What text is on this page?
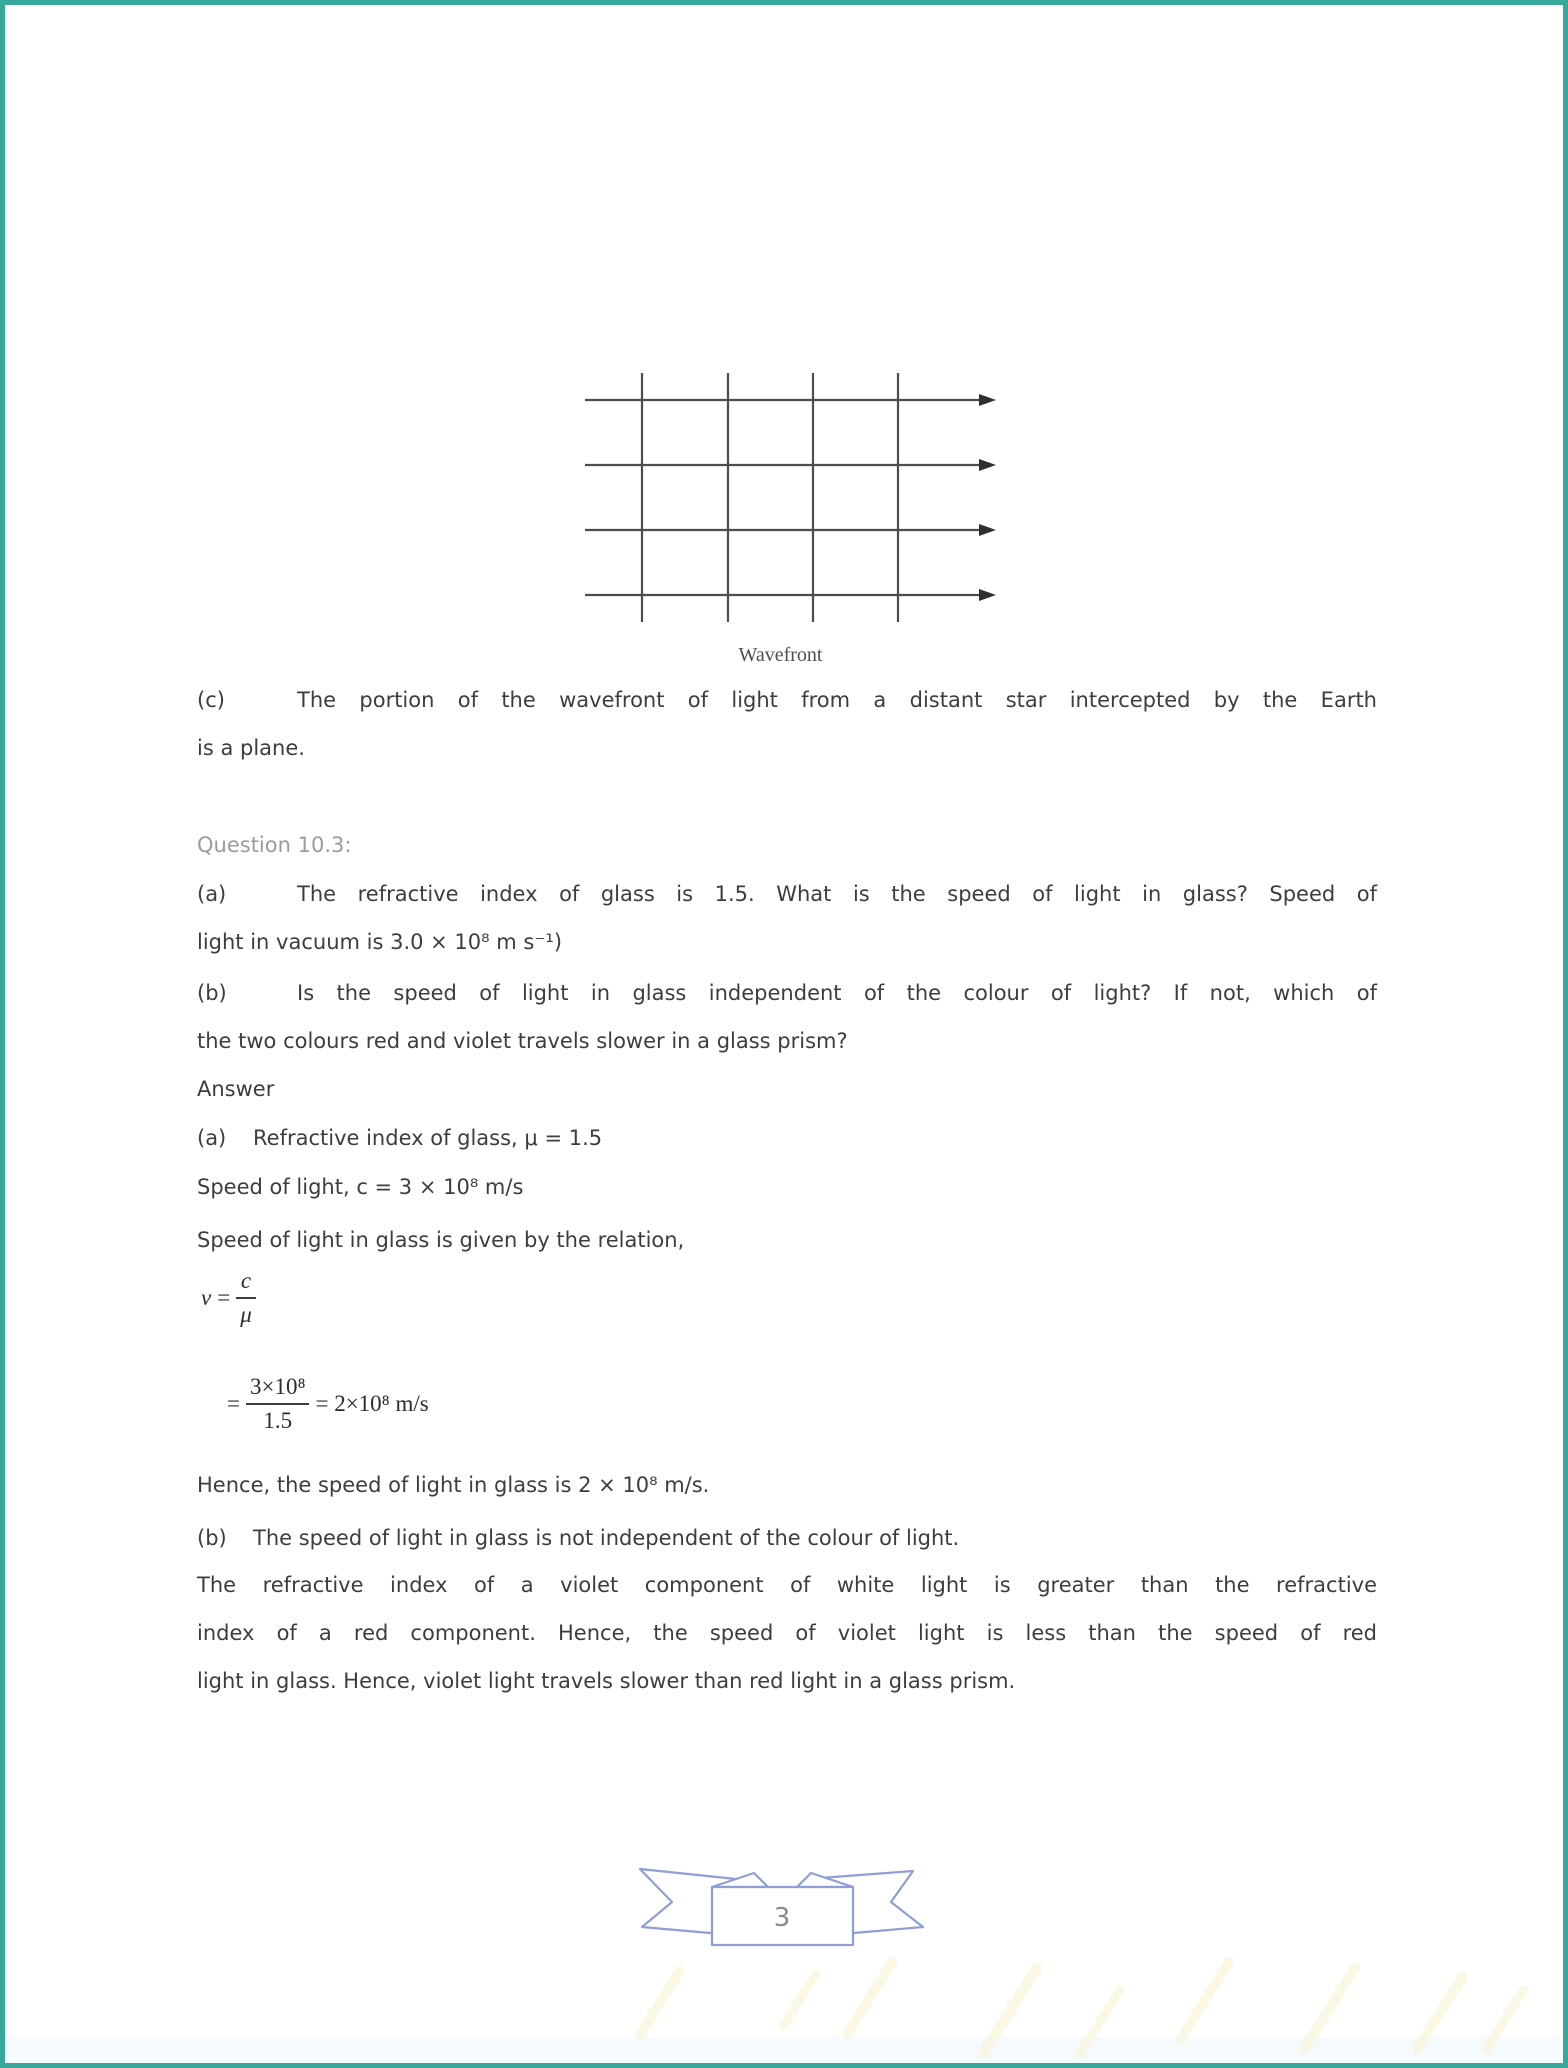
Wavefront
(c)	The portion of the wavefront of light from a distant star intercepted by the Earth
is a plane.
Question 10.3:
(a)	The refractive index of glass is 1.5. What is the speed of light in glass? Speed of
light in vacuum is 3.0 × 10⁸ m s⁻¹)
(b)	Is the speed of light in glass independent of the colour of light? If not, which of
the two colours red and violet travels slower in a glass prism?
Answer
(a) Refractive index of glass, μ = 1.5
Speed of light, c = 3 × 10⁸ m/s
Speed of light in glass is given by the relation,
$v = \frac{c}{\mu}$
= $\frac{\text{3×10⁸}}{1.5} = 2\times 10^8$ m/s
Hence, the speed of light in glass is 2 × 10⁸ m/s.
(b) The speed of light in glass is not independent of the colour of light.
The refractive index of a violet component of white light is greater than the refractive
index of a red component. Hence, the speed of violet light is less than the speed of red
light in glass. Hence, violet light travels slower than red light in a glass prism.
3
